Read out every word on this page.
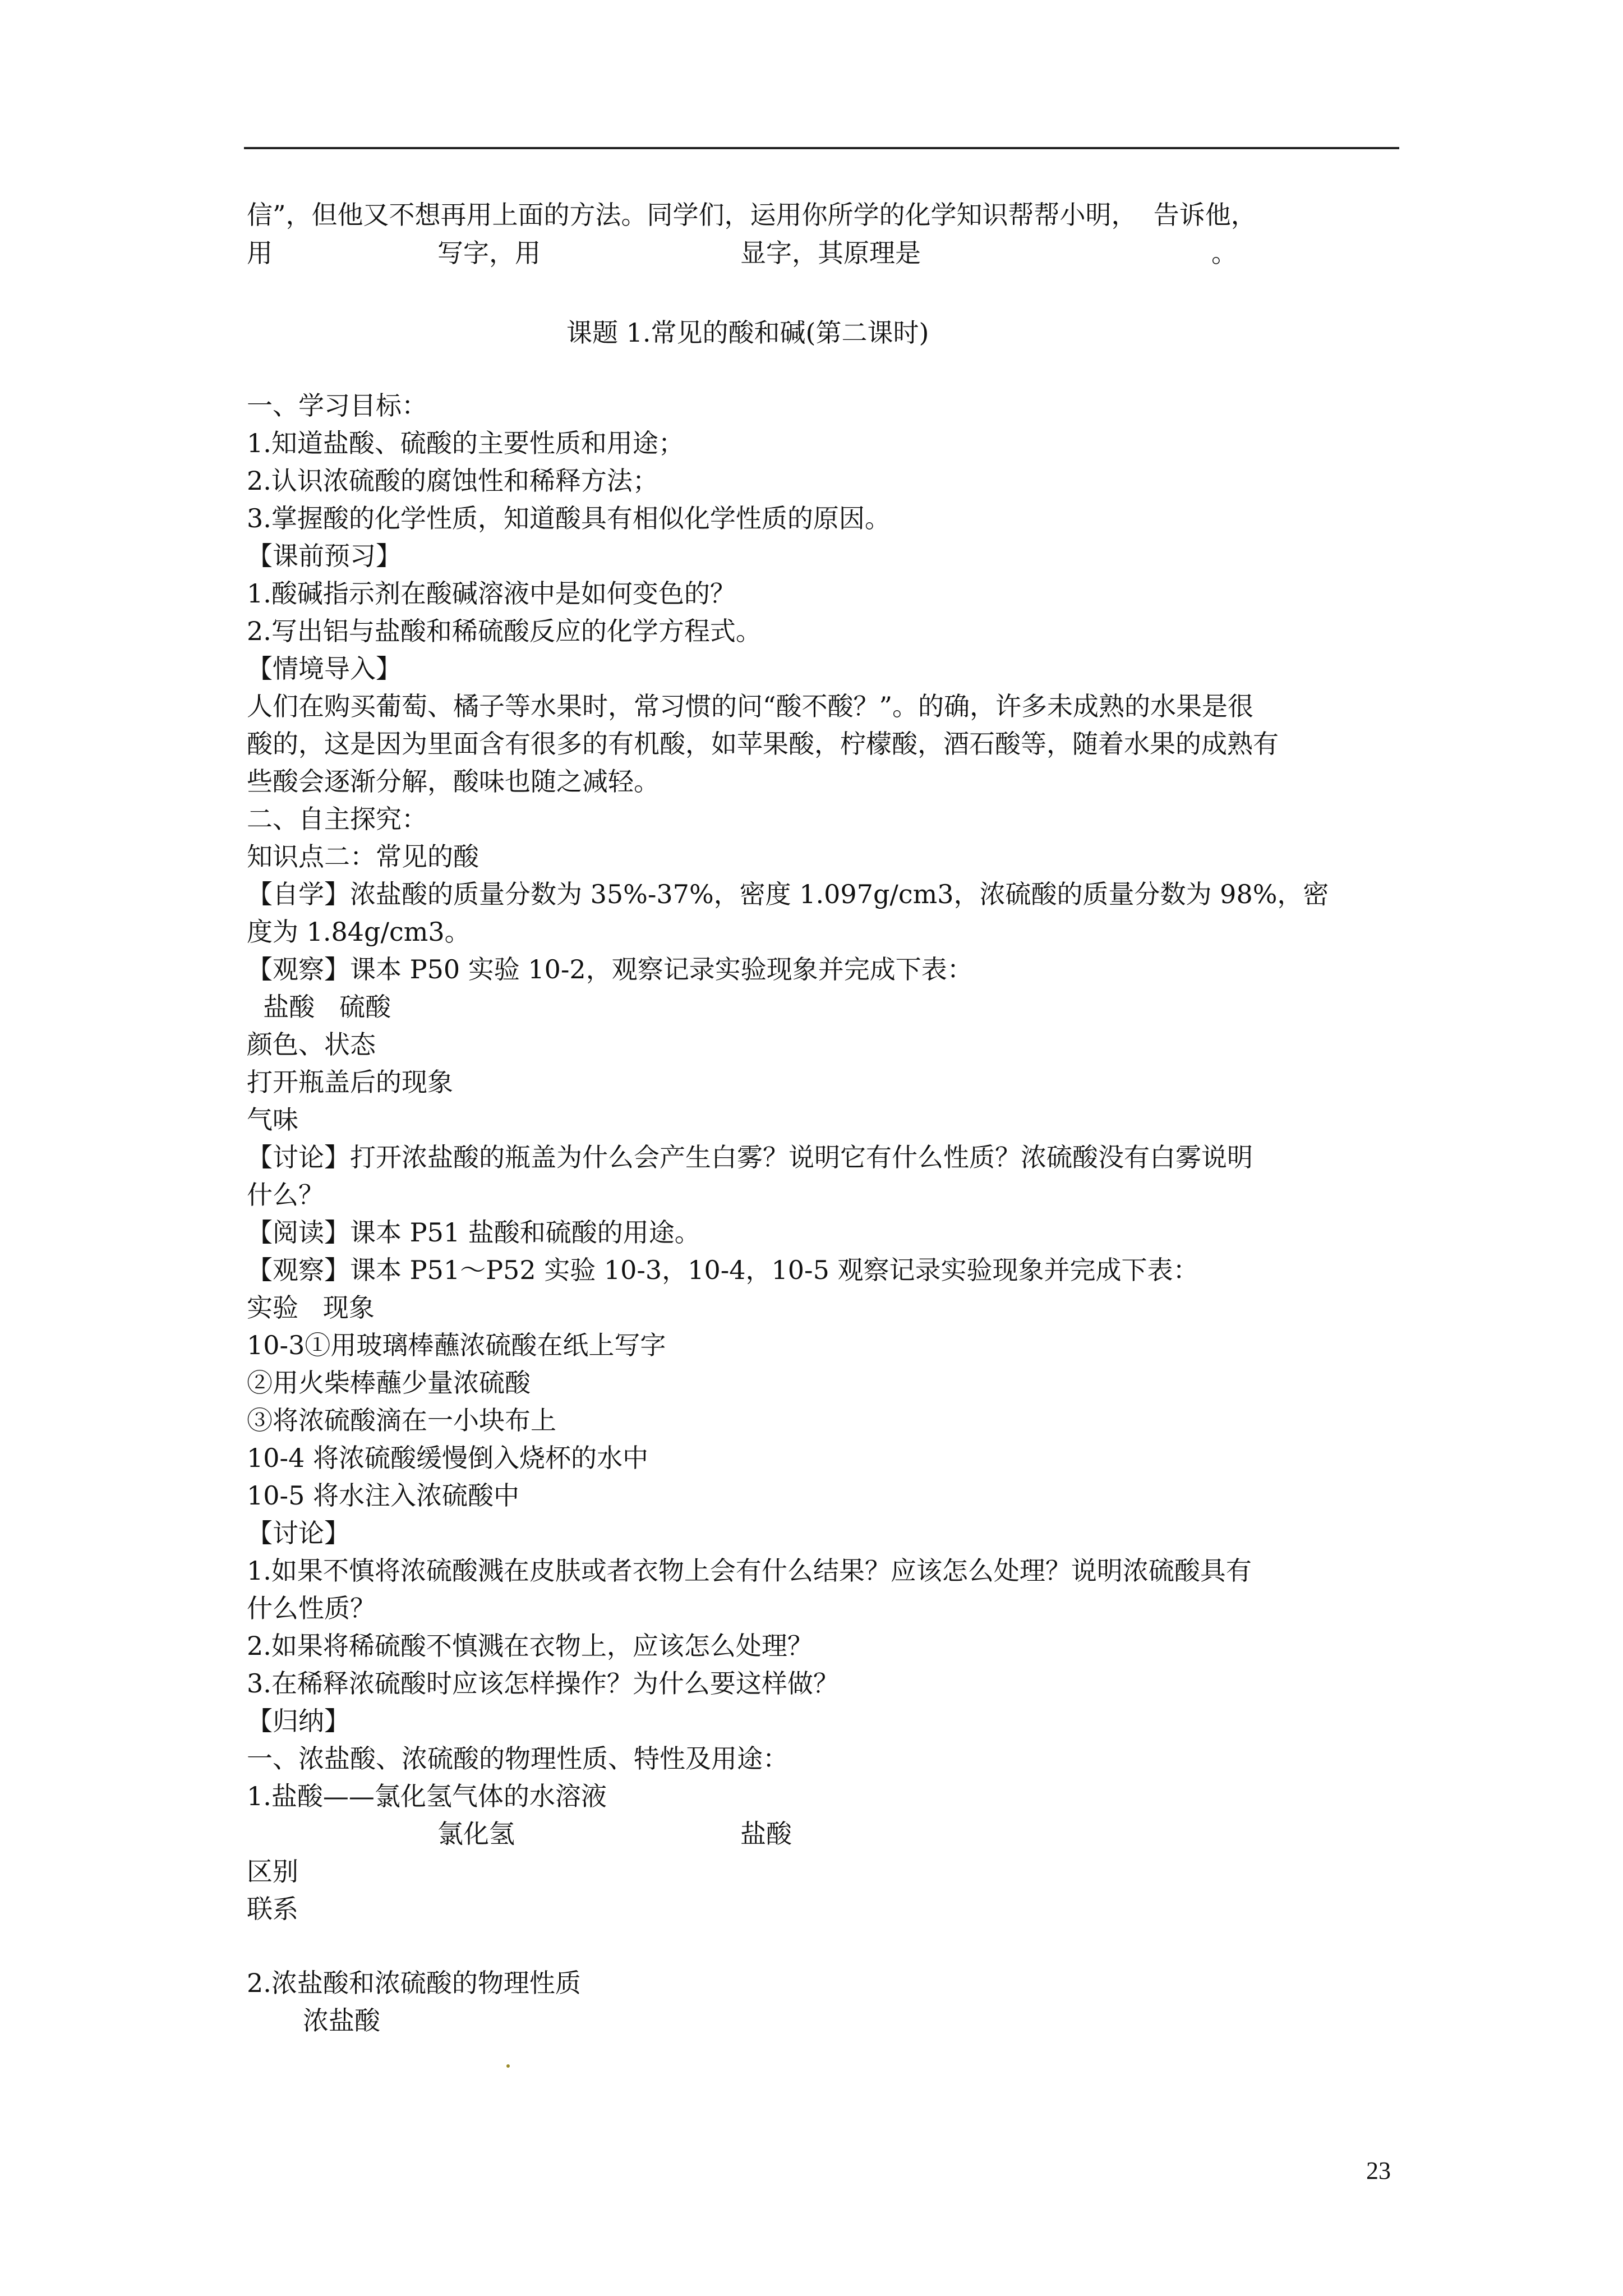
信”，但他又不想再用上面的方法。同学们，运用你所学的化学知识帮帮小明，  告诉他，
用	写字，用	显字，其原理是	。
课题 1.常见的酸和碱(第二课时)
一、学习目标：
1.知道盐酸、硫酸的主要性质和用途；
2.认识浓硫酸的腐蚀性和稀释方法；
3.掌握酸的化学性质，知道酸具有相似化学性质的原因。
【课前预习】
1.酸碱指示剂在酸碱溶液中是如何变色的？
2.写出铝与盐酸和稀硫酸反应的化学方程式。
【情境导入】
人们在购买葡萄、橘子等水果时，常习惯的问“酸不酸？”。的确，许多未成熟的水果是很
酸的，这是因为里面含有很多的有机酸，如苹果酸，柠檬酸，酒石酸等，随着水果的成熟有
些酸会逐渐分解，酸味也随之减轻。
二、自主探究：
知识点二：常见的酸
【自学】浓盐酸的质量分数为 35%-37%，密度 1.097g/cm3，浓硫酸的质量分数为 98%，密
度为 1.84g/cm3。
【观察】课本 P50 实验 10-2，观察记录实验现象并完成下表：
盐酸   硫酸
颜色、状态
打开瓶盖后的现象
气味
【讨论】打开浓盐酸的瓶盖为什么会产生白雾？说明它有什么性质？浓硫酸没有白雾说明
什么？
【阅读】课本 P51 盐酸和硫酸的用途。
【观察】课本 P51～P52 实验 10-3，10-4，10-5 观察记录实验现象并完成下表：
实验   现象
10-3①用玻璃棒蘸浓硫酸在纸上写字
②用火柴棒蘸少量浓硫酸
③将浓硫酸滴在一小块布上
10-4 将浓硫酸缓慢倒入烧杯的水中
10-5 将水注入浓硫酸中
【讨论】
1.如果不慎将浓硫酸溅在皮肤或者衣物上会有什么结果？应该怎么处理？说明浓硫酸具有
什么性质？
2.如果将稀硫酸不慎溅在衣物上，应该怎么处理？
3.在稀释浓硫酸时应该怎样操作？为什么要这样做？
【归纳】
一、浓盐酸、浓硫酸的物理性质、特性及用途：
1.盐酸——氯化氢气体的水溶液
氯化氢	盐酸
区别
联系
2.浓盐酸和浓硫酸的物理性质
浓盐酸
23
